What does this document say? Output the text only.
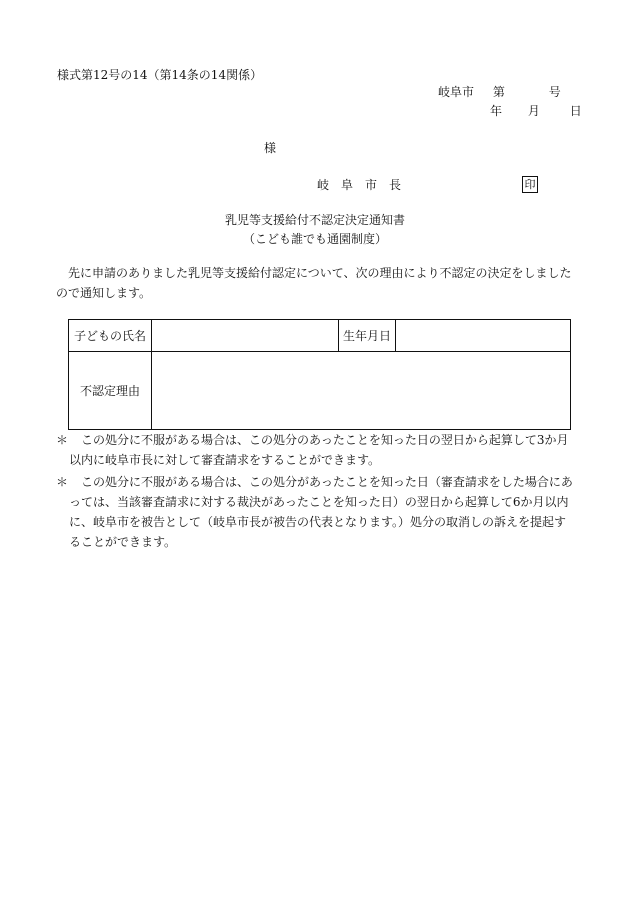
様式第12号の14（第14条の14関係）
岐阜市 第	号
年 月 日
様
岐　阜　市　長	印
乳児等支援給付不認定決定通知書
（こども誰でも通園制度）
先に申請のありました乳児等支援給付認定について、次の理由により不認定の決定をしましたので通知します。
子どもの氏名		生年月日	
不認定理由			
＊	この処分に不服がある場合は、この処分のあったことを知った日の翌日から起算して3か月以内に岐阜市長に対して審査請求をすることができます。
＊	この処分に不服がある場合は、この処分があったことを知った日（審査請求をした場合にあっては、当該審査請求に対する裁決があったことを知った日）の翌日から起算して6か月以内に、岐阜市を被告として（岐阜市長が被告の代表となります。）処分の取消しの訴えを提起することができます。
